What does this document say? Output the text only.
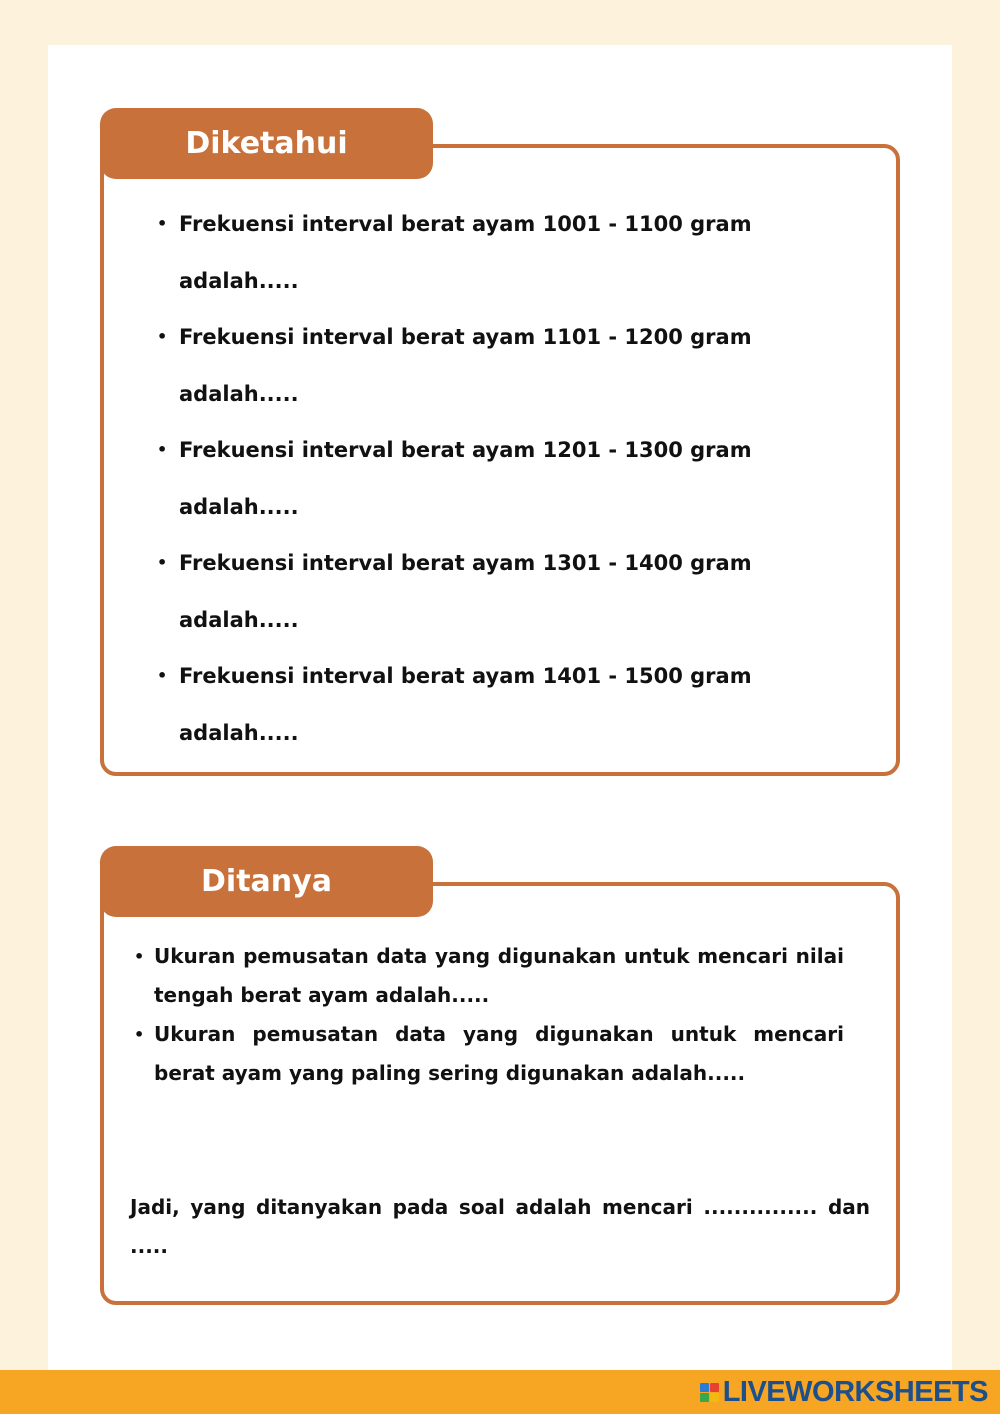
Diketahui
• Frekuensi interval berat ayam 1001 - 1100 gram
adalah.....
• Frekuensi interval berat ayam 1101 - 1200 gram
adalah.....
• Frekuensi interval berat ayam 1201 - 1300 gram
adalah.....
• Frekuensi interval berat ayam 1301 - 1400 gram
adalah.....
• Frekuensi interval berat ayam 1401 - 1500 gram
adalah.....
Ditanya
• Ukuran pemusatan data yang digunakan untuk mencari nilai tengah berat ayam adalah.....
• Ukuran pemusatan data yang digunakan untuk mencari berat ayam yang paling sering digunakan adalah.....

Jadi, yang ditanyakan pada soal adalah mencari ............... dan .....

LIVEWORKSHEETS
